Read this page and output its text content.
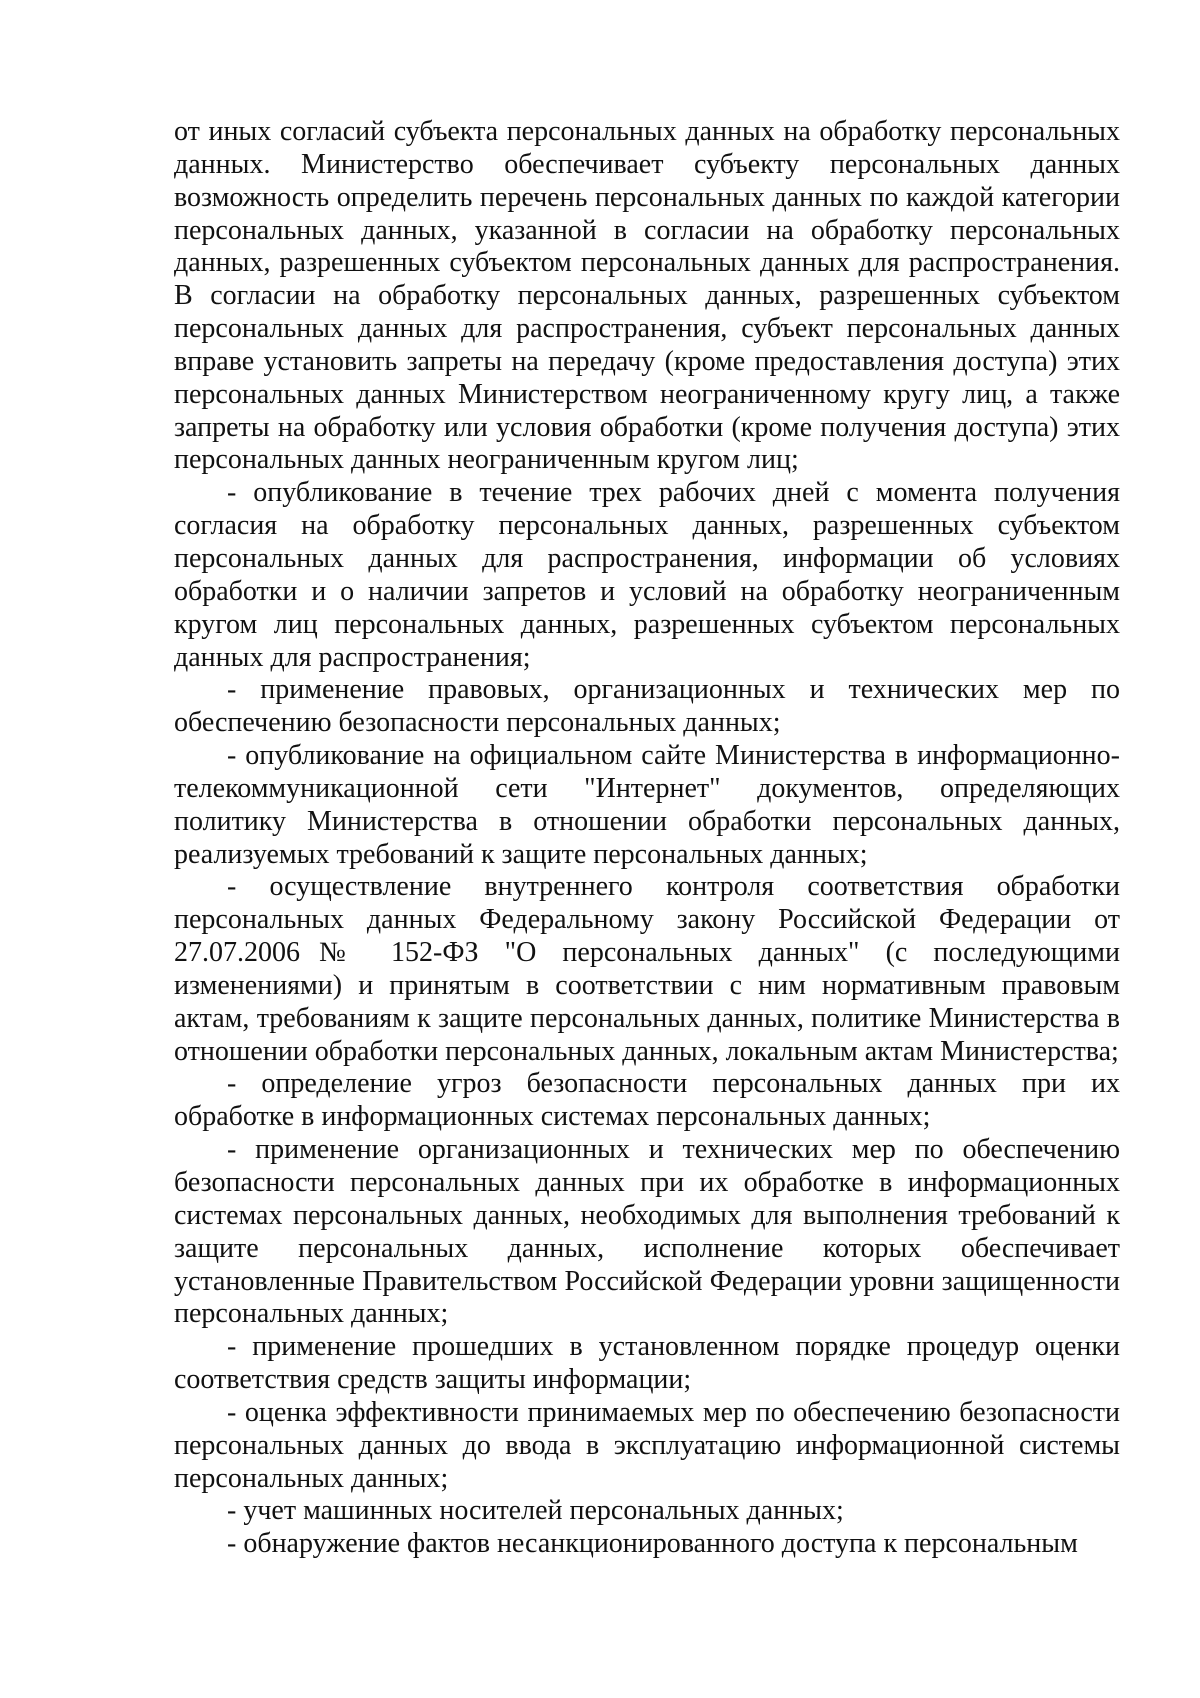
от иных согласий субъекта персональных данных на обработку персональных данных. Министерство обеспечивает субъекту персональных данных возможность определить перечень персональных данных по каждой категории персональных данных, указанной в согласии на обработку персональных данных, разрешенных субъектом персональных данных для распространения. В согласии на обработку персональных данных, разрешенных субъектом персональных данных для распространения, субъект персональных данных вправе установить запреты на передачу (кроме предоставления доступа) этих персональных данных Министерством неограниченному кругу лиц, а также запреты на обработку или условия обработки (кроме получения доступа) этих персональных данных неограниченным кругом лиц;

- опубликование в течение трех рабочих дней с момента получения согласия на обработку персональных данных, разрешенных субъектом персональных данных для распространения, информации об условиях обработки и о наличии запретов и условий на обработку неограниченным кругом лиц персональных данных, разрешенных субъектом персональных данных для распространения;

- применение правовых, организационных и технических мер по обеспечению безопасности персональных данных;

- опубликование на официальном сайте Министерства в информационно-телекоммуникационной сети "Интернет" документов, определяющих политику Министерства в отношении обработки персональных данных, реализуемых требований к защите персональных данных;

- осуществление внутреннего контроля соответствия обработки персональных данных Федеральному закону Российской Федерации от 27.07.2006№ 152-ФЗ "О персональных данных" (с последующими изменениями) и принятым в соответствии с ним нормативным правовым актам, требованиям к защите персональных данных, политике Министерства в отношении обработки персональных данных, локальным актам Министерства;

- определение угроз безопасности персональных данных при их обработке в информационных системах персональных данных;

- применение организационных и технических мер по обеспечению безопасности персональных данных при их обработке в информационных системах персональных данных, необходимых для выполнения требований к защите персональных данных, исполнение которых обеспечивает установленные Правительством Российской Федерации уровни защищенности персональных данных;

- применение прошедших в установленном порядке процедур оценки соответствия средств защиты информации;

- оценка эффективности принимаемых мер по обеспечению безопасности персональных данных до ввода в эксплуатацию информационной системы персональных данных;

- учет машинных носителей персональных данных;

- обнаружение фактов несанкционированного доступа к персональным
